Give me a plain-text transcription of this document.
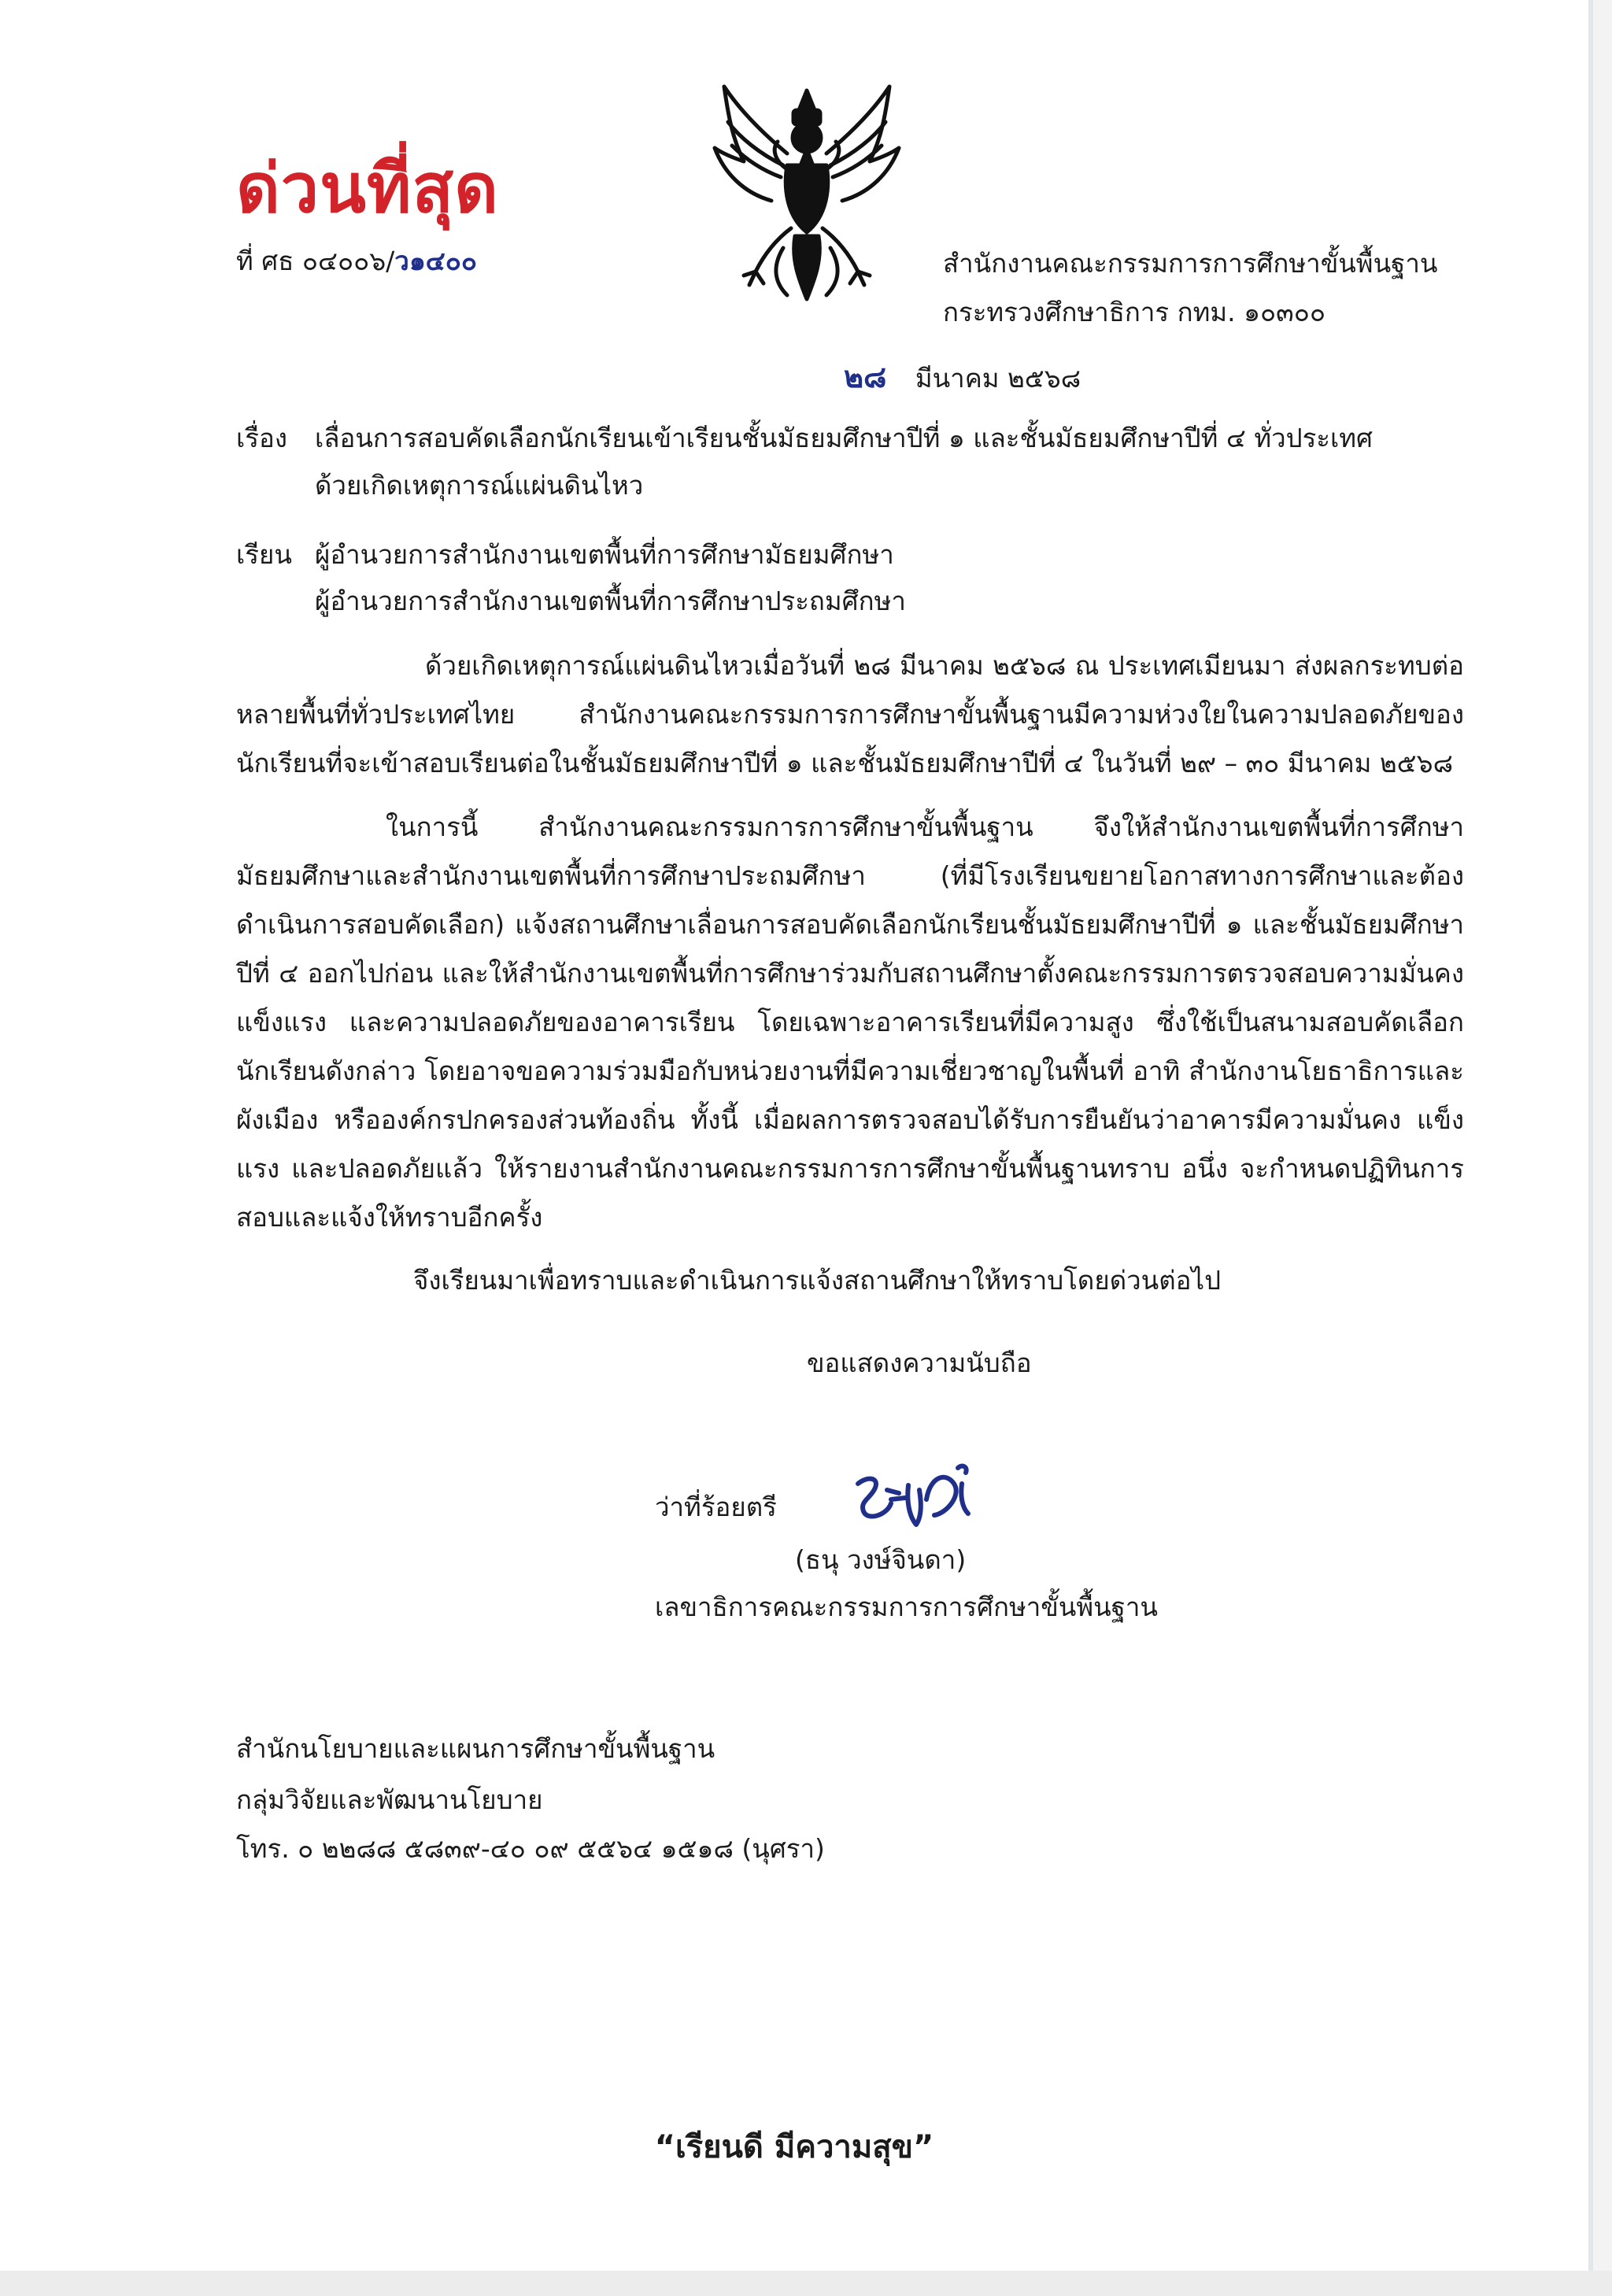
ด่วนที่สุด
ที่ ศธ ๐๔๐๐๖/ว๑๔๐๐	สำนักงานคณะกรรมการการศึกษาขั้นพื้นฐาน
กระทรวงศึกษาธิการ กทม. ๑๐๓๐๐
๒๘ มีนาคม ๒๕๖๘
เรื่อง	เลื่อนการสอบคัดเลือกนักเรียนเข้าเรียนชั้นมัธยมศึกษาปีที่ ๑ และชั้นมัธยมศึกษาปีที่ ๔ ทั่วประเทศ
ด้วยเกิดเหตุการณ์แผ่นดินไหว
เรียน ผู้อำนวยการสำนักงานเขตพื้นที่การศึกษามัธยมศึกษา
ผู้อำนวยการสำนักงานเขตพื้นที่การศึกษาประถมศึกษา

ด้วยเกิดเหตุการณ์แผ่นดินไหวเมื่อวันที่ ๒๘ มีนาคม ๒๕๖๘ ณ ประเทศเมียนมา ส่งผลกระทบต่อหลายพื้นที่ทั่วประเทศไทย สำนักงานคณะกรรมการการศึกษาขั้นพื้นฐานมีความห่วงใยในความปลอดภัยของนักเรียนที่จะเข้าสอบเรียนต่อในชั้นมัธยมศึกษาปีที่ ๑ และชั้นมัธยมศึกษาปีที่ ๔ ในวันที่ ๒๙ – ๓๐ มีนาคม ๒๕๖๘

ในการนี้ สำนักงานคณะกรรมการการศึกษาขั้นพื้นฐาน จึงให้สำนักงานเขตพื้นที่การศึกษามัธยมศึกษาและสำนักงานเขตพื้นที่การศึกษาประถมศึกษา (ที่มีโรงเรียนขยายโอกาสทางการศึกษาและต้องดำเนินการสอบคัดเลือก) แจ้งสถานศึกษาเลื่อนการสอบคัดเลือกนักเรียนชั้นมัธยมศึกษาปีที่ ๑ และชั้นมัธยมศึกษาปีที่ ๔ ออกไปก่อน และให้สำนักงานเขตพื้นที่การศึกษาร่วมกับสถานศึกษาตั้งคณะกรรมการตรวจสอบความมั่นคงแข็งแรง และความปลอดภัยของอาคารเรียน โดยเฉพาะอาคารเรียนที่มีความสูง ซึ่งใช้เป็นสนามสอบคัดเลือกนักเรียนดังกล่าว โดยอาจขอความร่วมมือกับหน่วยงานที่มีความเชี่ยวชาญในพื้นที่ อาทิ สำนักงานโยธาธิการและผังเมือง หรือองค์กรปกครองส่วนท้องถิ่น ทั้งนี้ เมื่อผลการตรวจสอบได้รับการยืนยันว่าอาคารมีความมั่นคง แข็งแรง และปลอดภัยแล้ว ให้รายงานสำนักงานคณะกรรมการการศึกษาขั้นพื้นฐานทราบ อนึ่ง จะกำหนดปฏิทินการสอบและแจ้งให้ทราบอีกครั้ง

จึงเรียนมาเพื่อทราบและดำเนินการแจ้งสถานศึกษาให้ทราบโดยด่วนต่อไป
ขอแสดงความนับถือ
ว่าที่ร้อยตรี
(ธนุ วงษ์จินดา)
เลขาธิการคณะกรรมการการศึกษาขั้นพื้นฐาน
สำนักนโยบายและแผนการศึกษาขั้นพื้นฐาน
กลุ่มวิจัยและพัฒนานโยบาย
โทร. ๐ ๒๒๘๘ ๕๘๓๙-๔๐ ๐๙ ๕๕๖๔ ๑๕๑๘ (นุศรา)
“เรียนดี มีความสุข”
